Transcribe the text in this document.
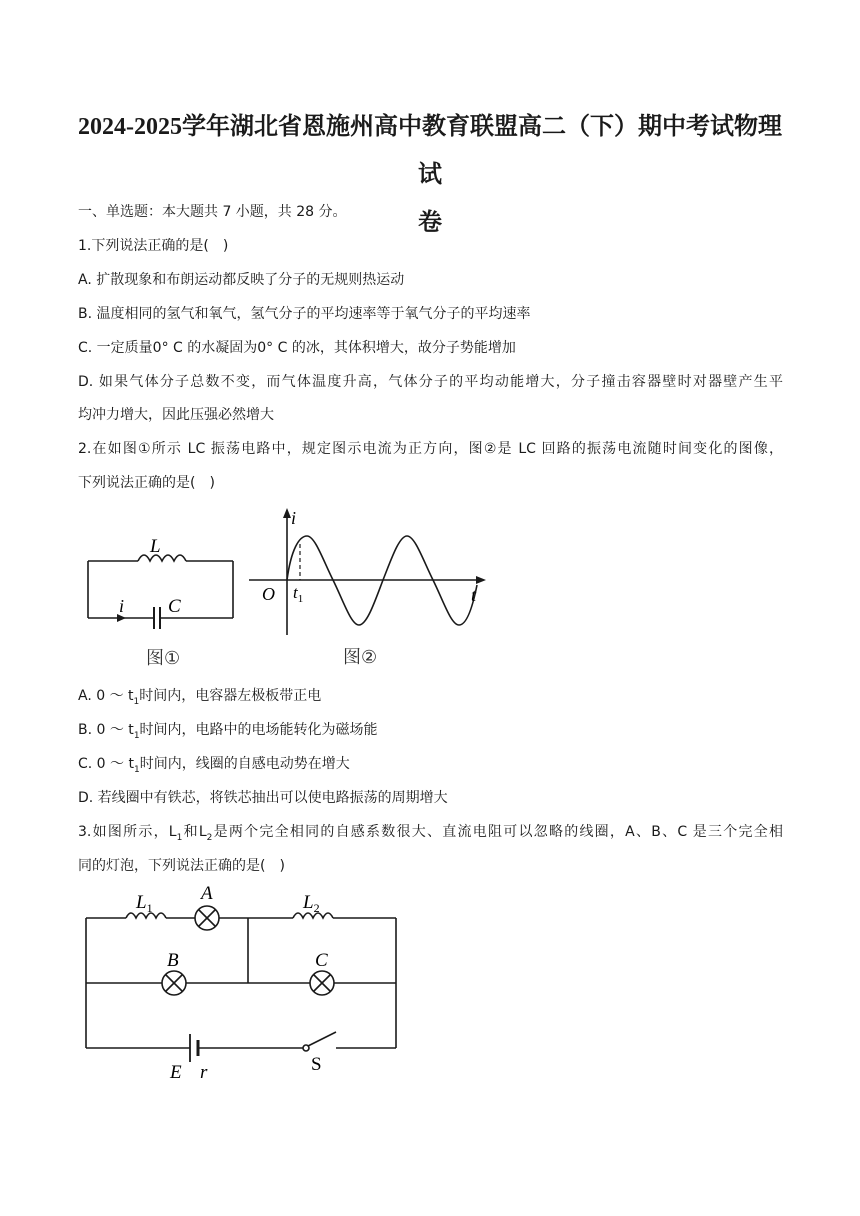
2024-2025学年湖北省恩施州高中教育联盟高二（下）期中考试物理试
卷
一、单选题：本大题共 7 小题，共 28 分。
1.下列说法正确的是(　)
A. 扩散现象和布朗运动都反映了分子的无规则热运动
B. 温度相同的氢气和氧气，氢气分子的平均速率等于氧气分子的平均速率
C. 一定质量0° C 的水凝固为0° C 的冰，其体积增大，故分子势能增加
D. 如果气体分子总数不变，而气体温度升高，气体分子的平均动能增大，分子撞击容器壁时对器壁产生平
均冲力增大，因此压强必然增大
2.在如图①所示 LC 振荡电路中，规定图示电流为正方向，图②是 LC 回路的振荡电流随时间变化的图像，
下列说法正确的是(　)
L
i C
图①
i
O $t_1$	t
图②
A. 0 ～ $t_1$时间内，电容器左极板带正电
B. 0 ～ $t_1$时间内，电路中的电场能转化为磁场能
C. 0 ～ $t_1$时间内，线圈的自感电动势在增大
D. 若线圈中有铁芯，将铁芯抽出可以使电路振荡的周期增大
3.如图所示，$L_1$和$L_2$是两个完全相同的自感系数很大、直流电阻可以忽略的线圈，A、B、C 是三个完全相
同的灯泡，下列说法正确的是(　)
$L_1$
A	$L_2$
B	C
E r	S
